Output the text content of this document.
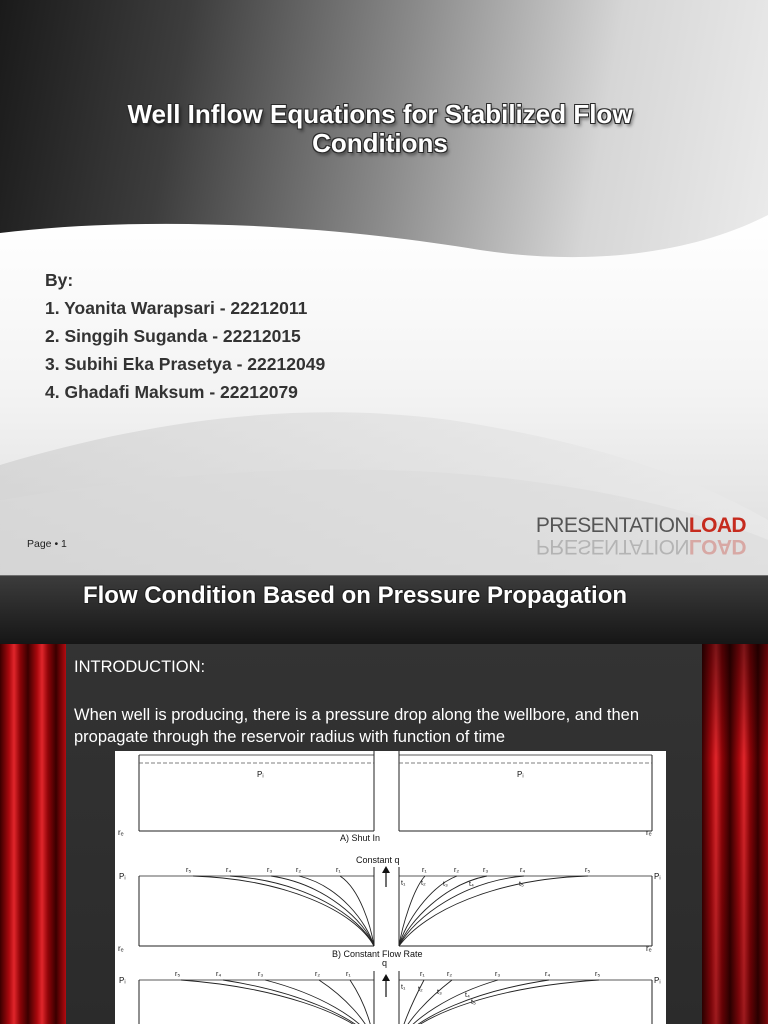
Well Inflow Equations for Stabilized Flow Conditions
By:
1. Yoanita Warapsari - 22212011
2. Singgih Suganda - 22212015
3. Subihi Eka Prasetya - 22212049
4. Ghadafi Maksum - 22212079
Page • 1
PRESENTATIONLOAD
PRESENTATIONLOAD
Flow Condition Based on Pressure Propagation
INTRODUCTION:
When well is producing, there is a pressure drop along the wellbore, and then propagate through the reservoir radius with function of time
Pᵢ	Pᵢ
rₑ	rₑ
A) Shut In
Constant q
Pᵢ	Pᵢ
r₅	r₄	r₃	r₂	r₁	r₁	r₂	r₃	r₄	r₅
t₁ t₂ t₃	t₄	t₅
rₑ	rₑ
B) Constant Flow Rate
q
Pᵢ	Pᵢ
r₅	r₄	r₃	r₂	r₁	r₁	r₂	r₃	r₄	r₅
t₁ t₂ t₃	t₄
t₅
